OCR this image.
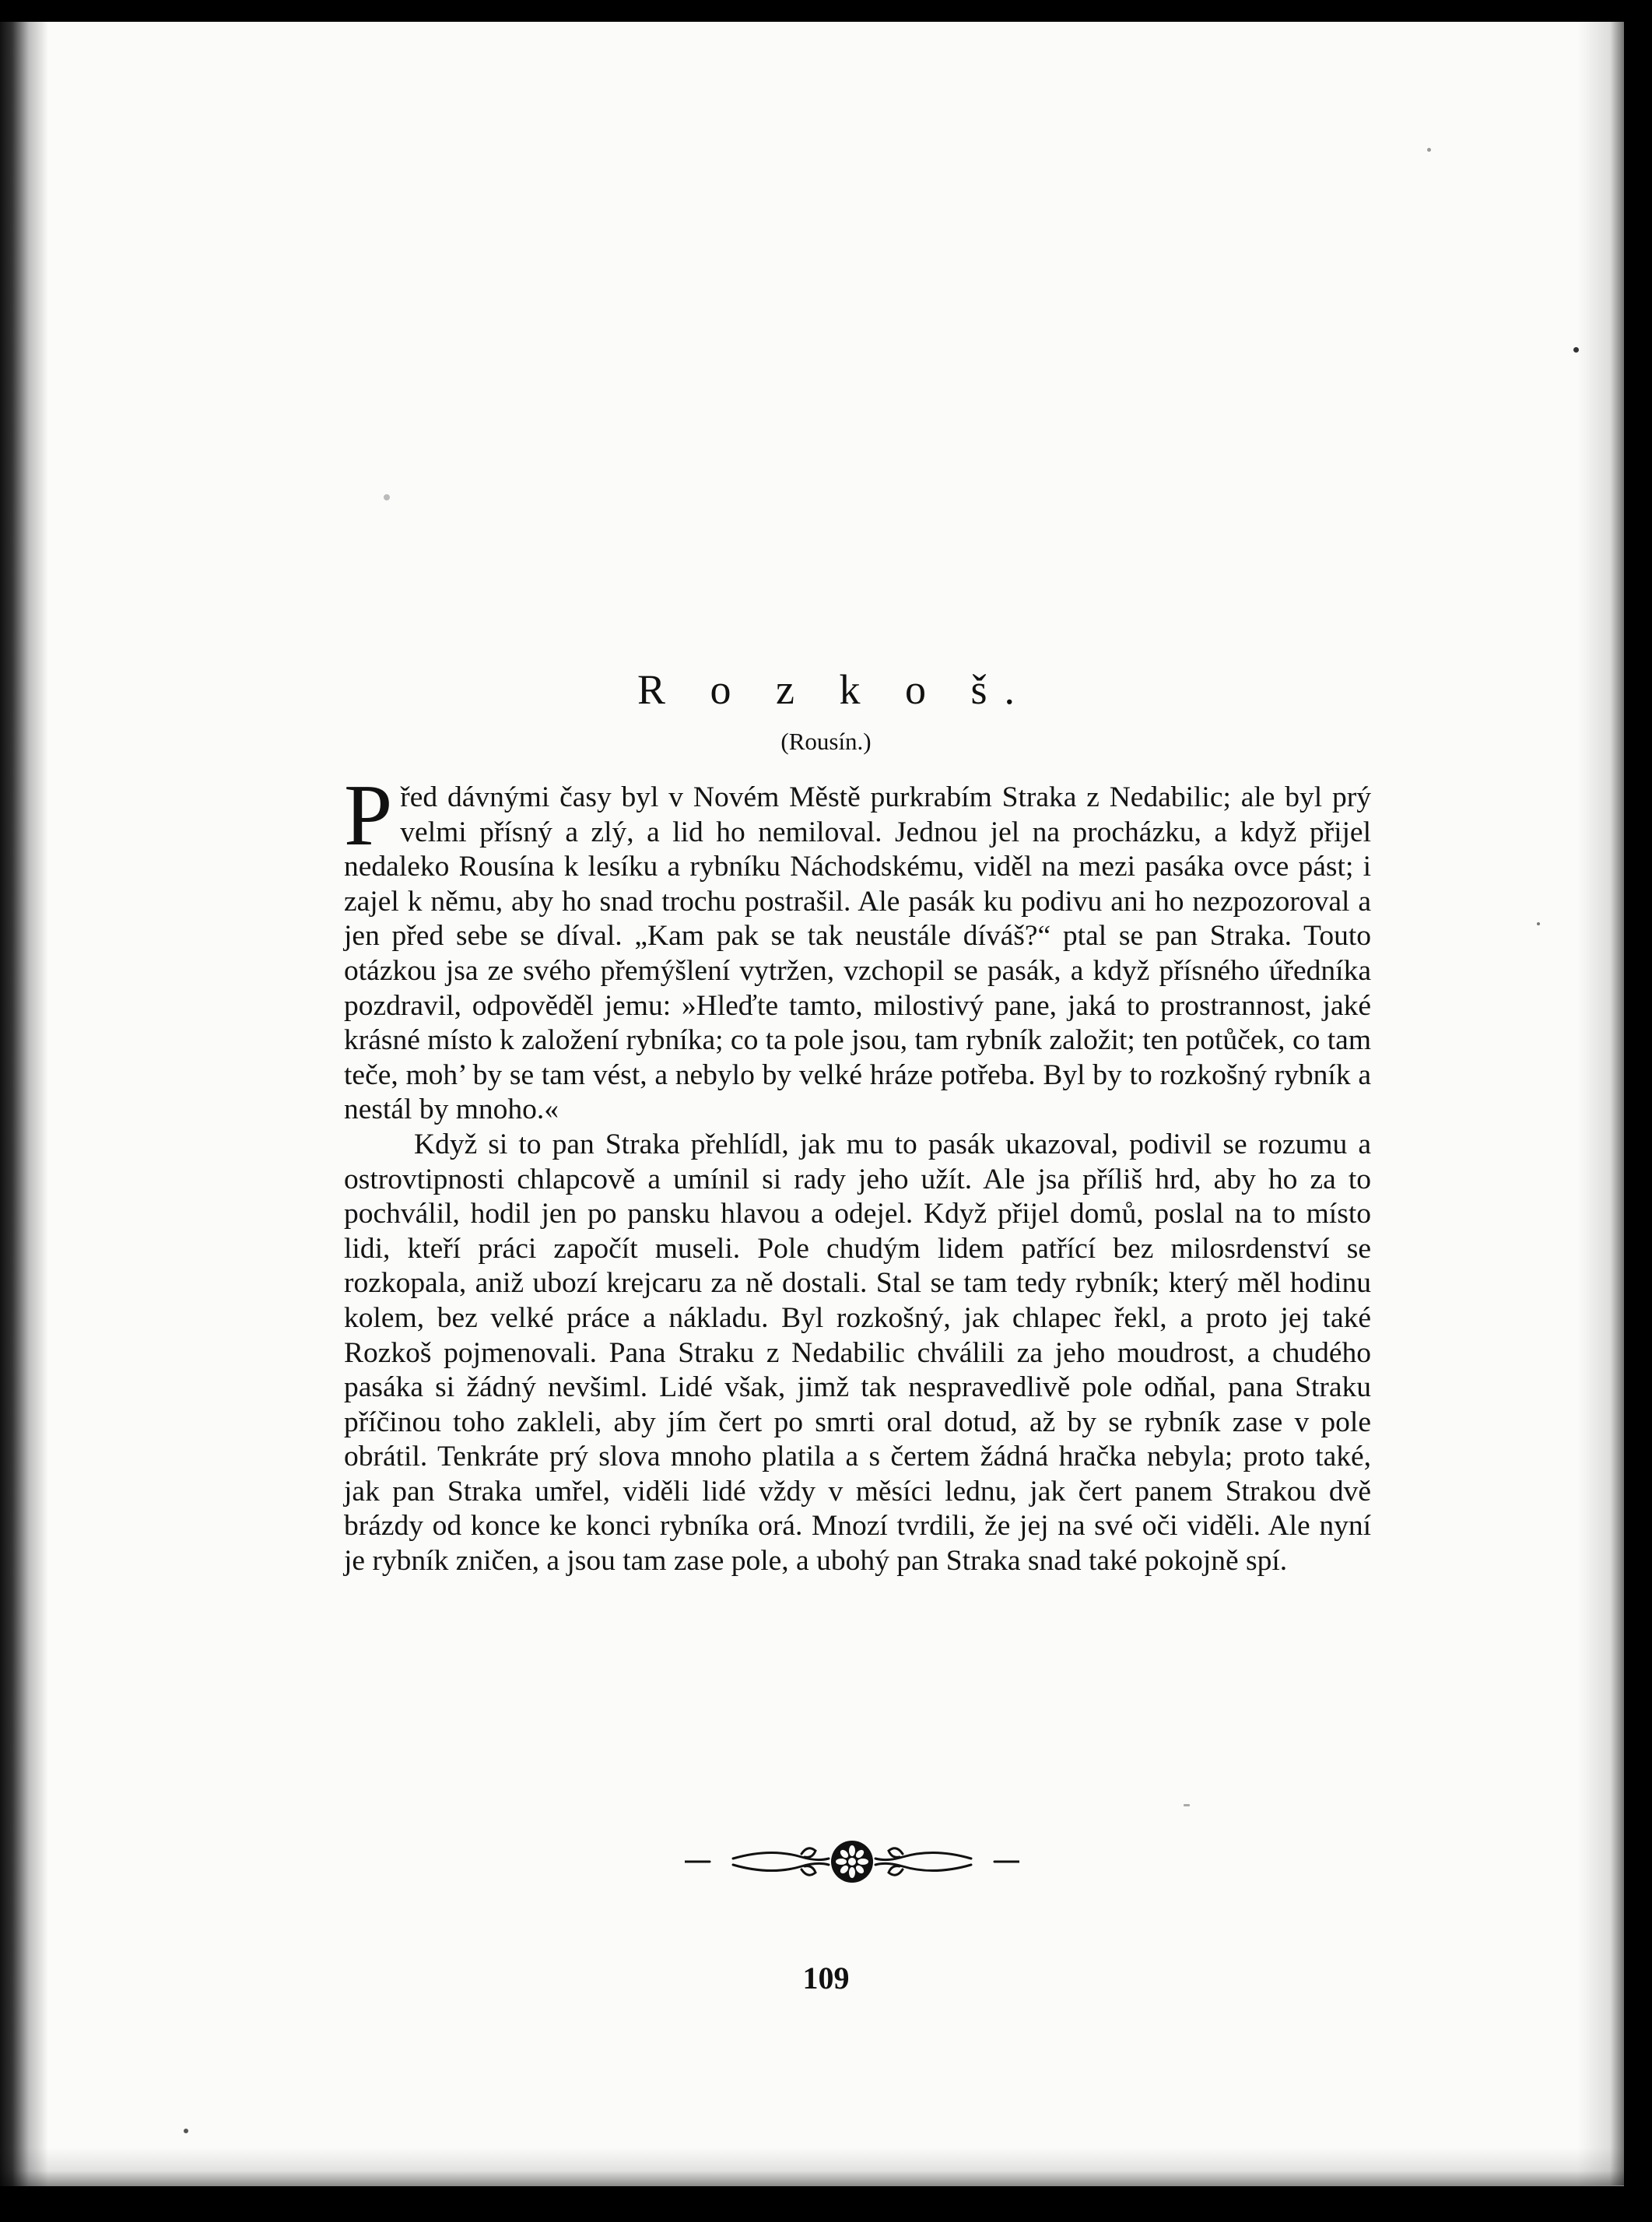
R o z k o š.
(Rousín.)

Před dávnými časy byl v Novém Městě purkrabím Straka z Nedabilic; ale byl prý velmi přísný a zlý, a lid ho nemiloval. Jednou jel na procházku, a když přijel nedaleko Rousína k lesíku a rybníku Náchodskému, viděl na mezi pasáka ovce pást; i zajel k němu, aby ho snad trochu postrašil. Ale pasák ku podivu ani ho nezpozoroval a jen před sebe se díval. „Kam pak se tak neustále díváš?“ ptal se pan Straka. Touto otázkou jsa ze svého přemýšlení vytržen, vzchopil se pasák, a když přísného úředníka pozdravil, odpověděl jemu: »Hleďte tamto, milostivý pane, jaká to prostrannost, jaké krásné místo k založení rybníka; co ta pole jsou, tam rybník založit; ten potůček, co tam teče, moh’ by se tam vést, a nebylo by velké hráze potřeba. Byl by to rozkošný rybník a nestál by mnoho.«

Když si to pan Straka přehlídl, jak mu to pasák ukazoval, podivil se rozumu a ostrovtipnosti chlapcově a umínil si rady jeho užít. Ale jsa příliš hrd, aby ho za to pochválil, hodil jen po pansku hlavou a odejel. Když přijel domů, poslal na to místo lidi, kteří práci započít museli. Pole chudým lidem patřící bez milosrdenství se rozkopala, aniž ubozí krejcaru za ně dostali. Stal se tam tedy rybník; který měl hodinu kolem, bez velké práce a nákladu. Byl rozkošný, jak chlapec řekl, a proto jej také Rozkoš pojmenovali. Pana Straku z Nedabilic chválili za jeho moudrost, a chudého pasáka si žádný nevšiml. Lidé však, jimž tak nespravedlivě pole odňal, pana Straku příčinou toho zakleli, aby jím čert po smrti oral dotud, až by se rybník zase v pole obrátil. Tenkráte prý slova mnoho platila a s čertem žádná hračka nebyla; proto také, jak pan Straka umřel, viděli lidé vždy v měsíci lednu, jak čert panem Strakou dvě brázdy od konce ke konci rybníka orá. Mnozí tvrdili, že jej na své oči viděli. Ale nyní je rybník zničen, a jsou tam zase pole, a ubohý pan Straka snad také pokojně spí.

109
